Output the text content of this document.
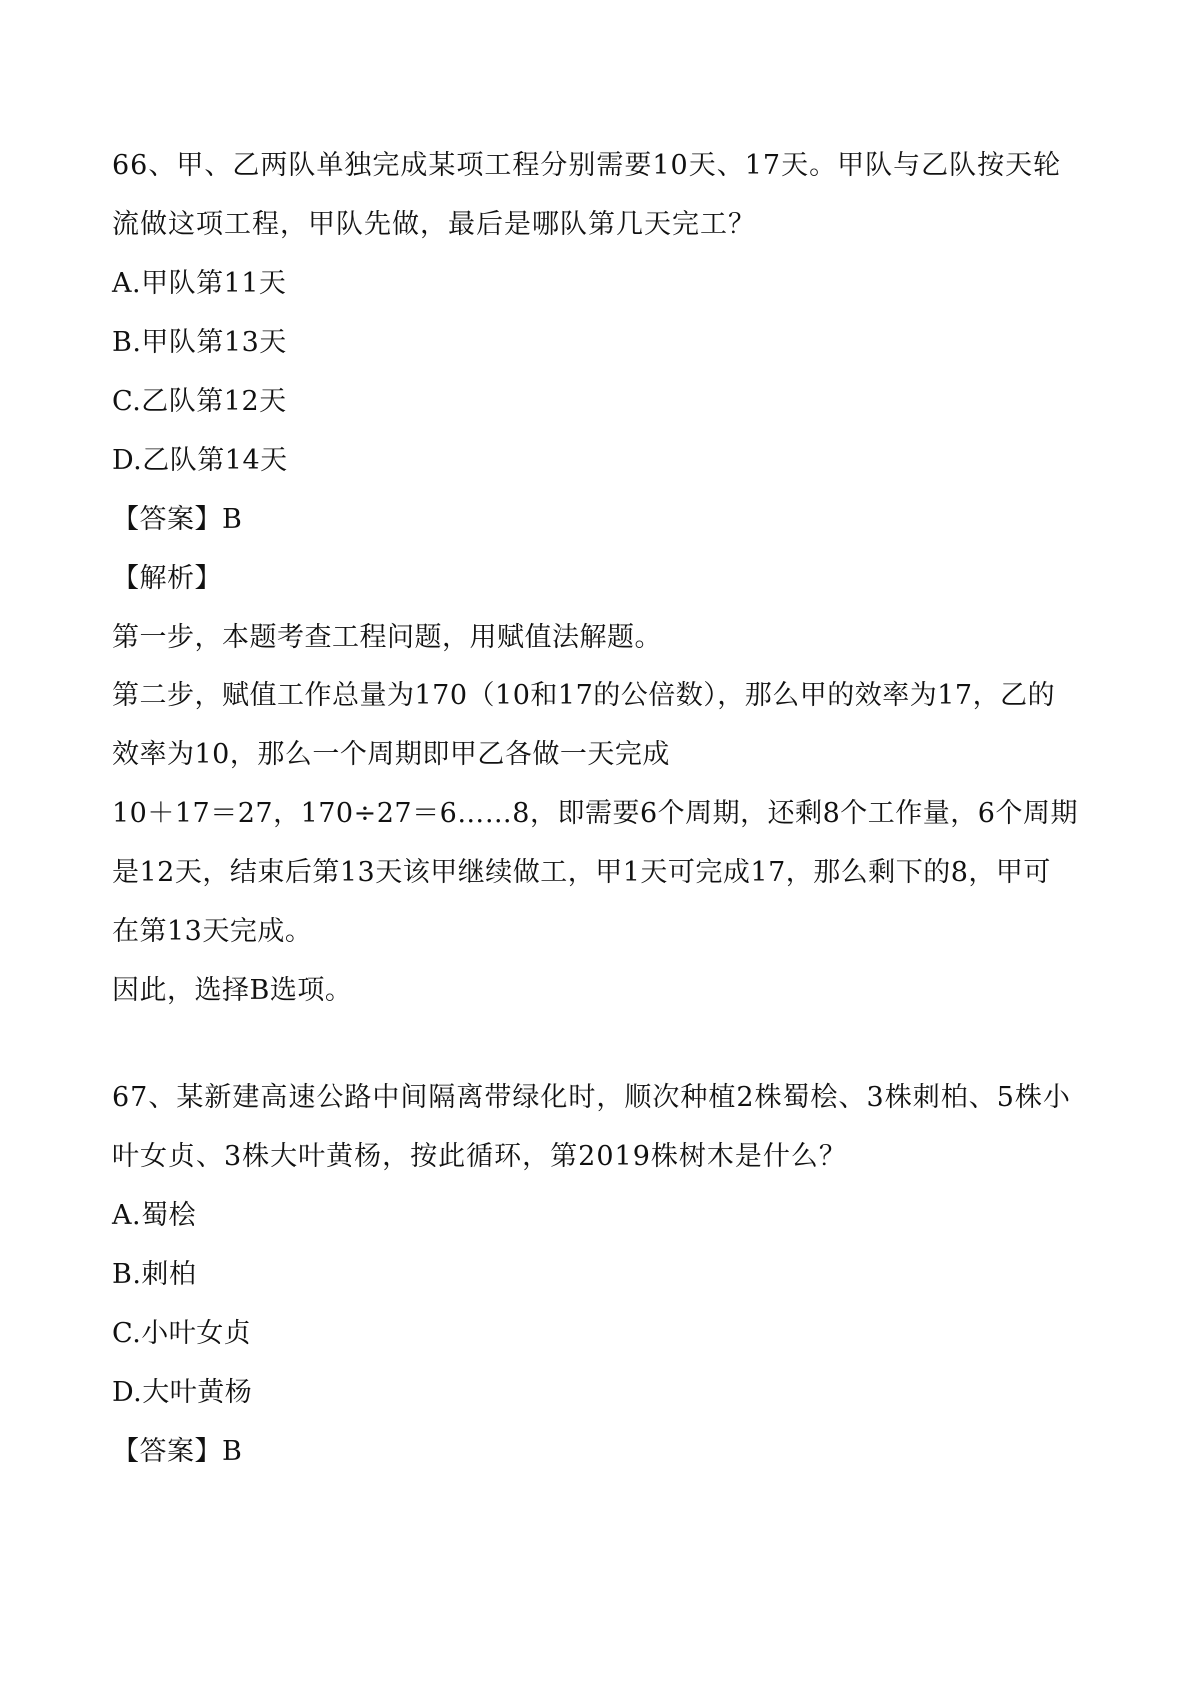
66、甲、乙两队单独完成某项工程分别需要10天、17天。甲队与乙队按天轮
流做这项工程，甲队先做，最后是哪队第几天完工？
A.甲队第11天
B.甲队第13天
C.乙队第12天
D.乙队第14天
【答案】B
【解析】
第一步，本题考查工程问题，用赋值法解题。
第二步，赋值工作总量为170（10和17的公倍数），那么甲的效率为17，乙的
效率为10，那么一个周期即甲乙各做一天完成
10＋17＝27，170÷27＝6……8，即需要6个周期，还剩8个工作量，6个周期
是12天，结束后第13天该甲继续做工，甲1天可完成17，那么剩下的8，甲可
在第13天完成。
因此，选择B选项。
67、某新建高速公路中间隔离带绿化时，顺次种植2株蜀桧、3株刺柏、5株小
叶女贞、3株大叶黄杨，按此循环，第2019株树木是什么？
A.蜀桧
B.刺柏
C.小叶女贞
D.大叶黄杨
【答案】B
